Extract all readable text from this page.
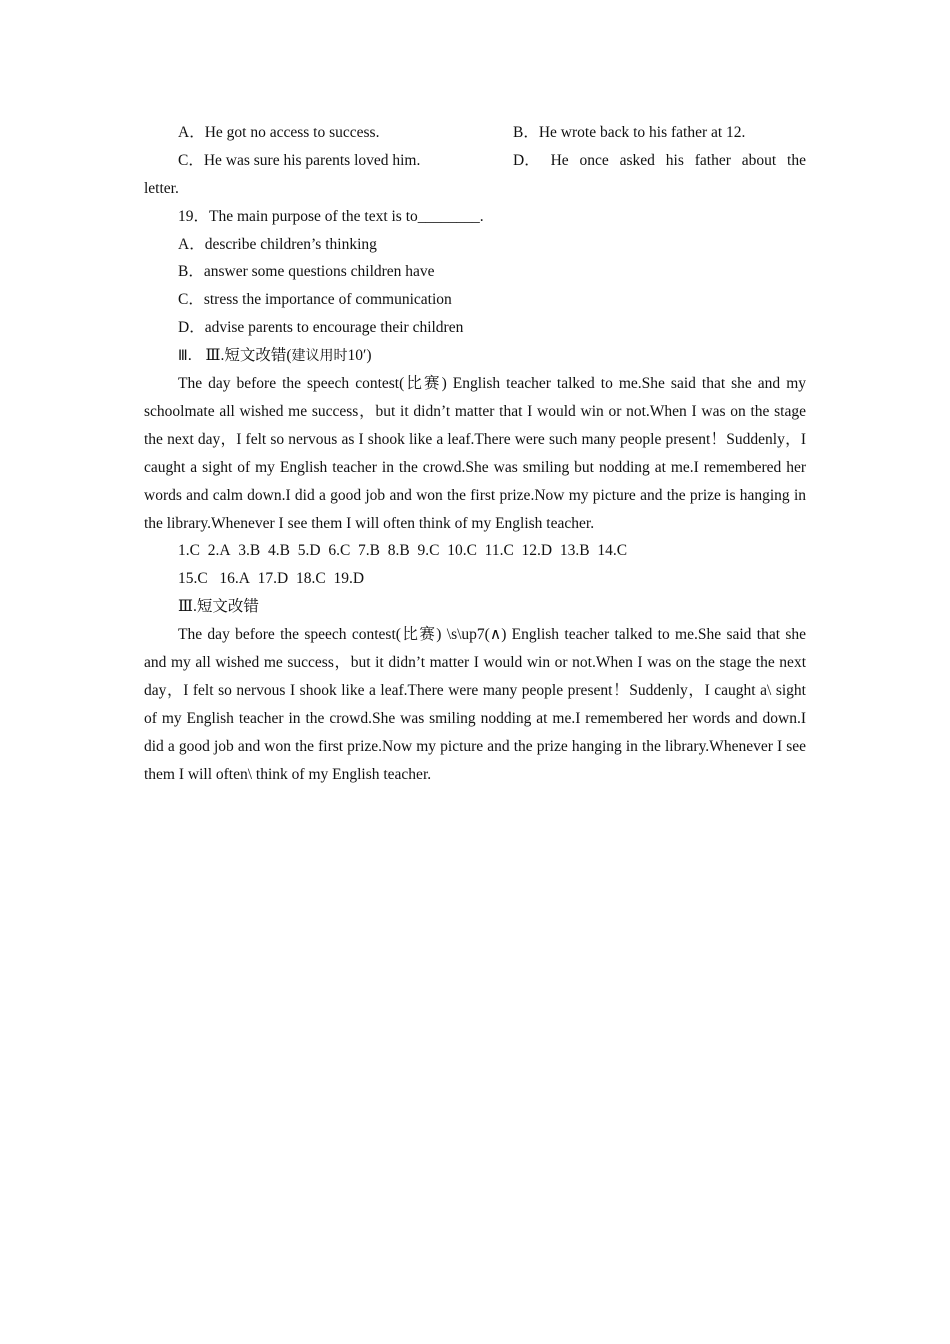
A．He got no access to success.	B．He wrote back to his father at 12.
C．He was sure his parents loved him.	D． He once asked his father about the
letter.
19．The main purpose of the text is to________.
A．describe children’s thinking
B．answer some questions children have
C．stress the importance of communication
D．advise parents to encourage their children
Ⅲ． Ⅲ.短文改错(建议用时10′)

The day before the speech contest(比赛) English teacher talked to me.She said that she and my schoolmate all wished me success，but it didn’t matter that I would win or not.When I was on the stage the next day，I felt so nervous as I shook like a leaf.There were such many people present！Suddenly，I caught a sight of my English teacher in the crowd.She was smiling but nodding at me.I remembered her words and calm down.I did a good job and won the first prize.Now my picture and the prize is hanging in the library.Whenever I see them I will often think of my English teacher.

1.C 2.A 3.B 4.B 5.D 6.C 7.B 8.B 9.C 10.C 11.C 12.D 13.B 14.C
15.C 16.A 17.D 18.C 19.D
Ⅲ.短文改错

The day before the speech contest(比赛) \s\up7(∧) English teacher talked to me.She said that she and my all wished me success，but it didn’t matter I would win or not.When I was on the stage the next day，I felt so nervous I shook like a leaf.There were many people present！Suddenly，I caught a\ sight of my English teacher in the crowd.She was smiling nodding at me.I remembered her words and down.I did a good job and won the first prize.Now my picture and the prize hanging in the library.Whenever I see them I will often\ think of my English teacher.
